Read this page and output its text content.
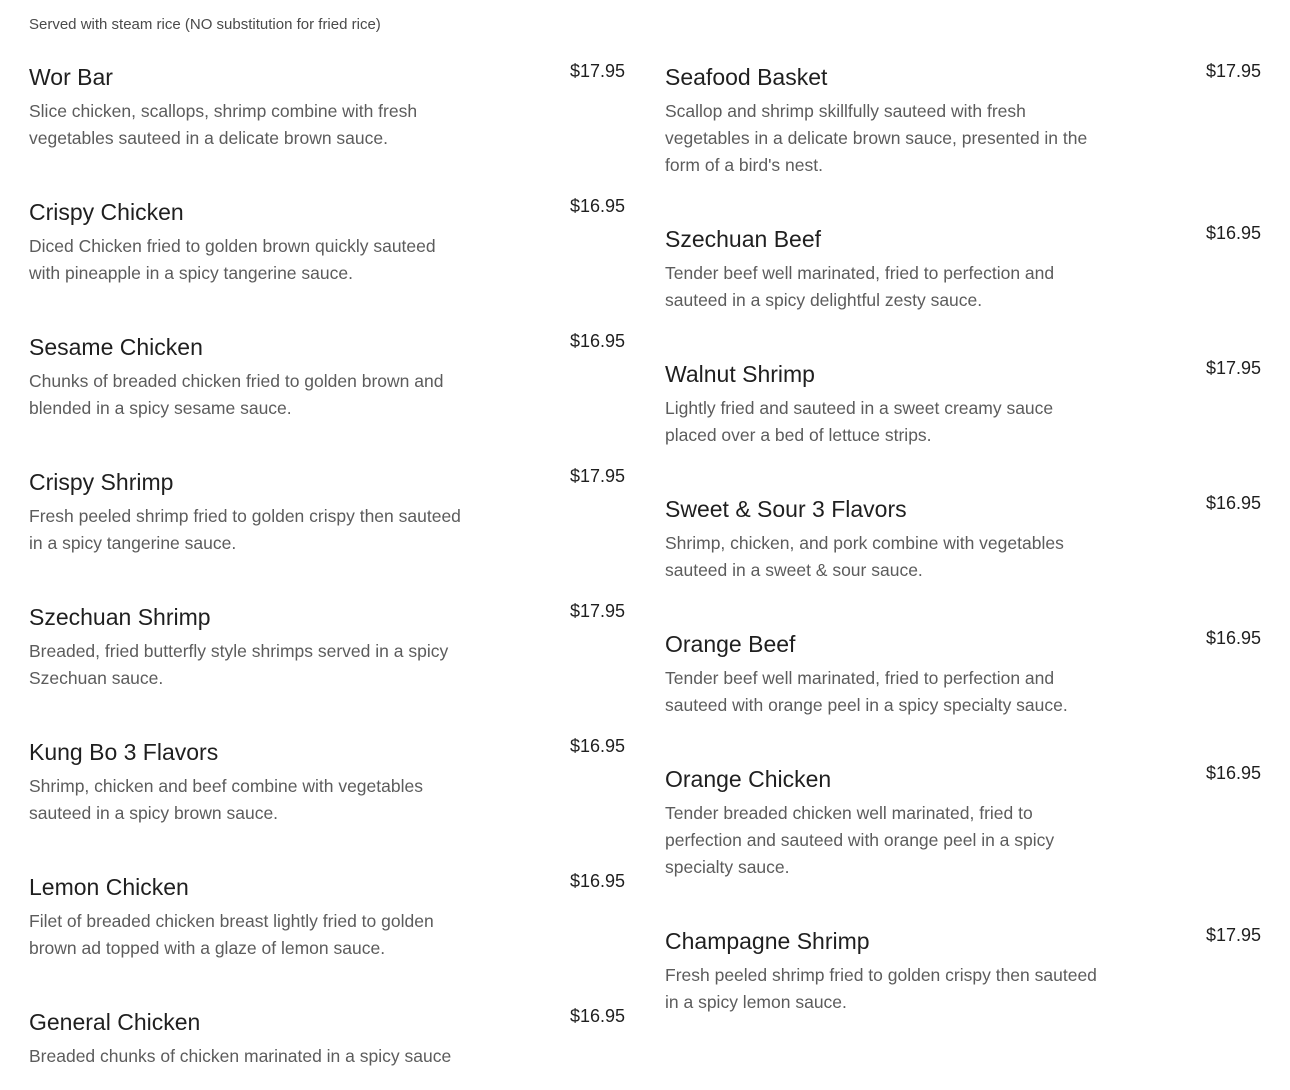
Served with steam rice (NO substitution for fried rice)
Wor Bar	$17.95

Slice chicken, scallops, shrimp combine with fresh vegetables sauteed in a delicate brown sauce.

Crispy Chicken	$16.95

Diced Chicken fried to golden brown quickly sauteed with pineapple in a spicy tangerine sauce.

Sesame Chicken	$16.95

Chunks of breaded chicken fried to golden brown and blended in a spicy sesame sauce.

Crispy Shrimp	$17.95

Fresh peeled shrimp fried to golden crispy then sauteed in a spicy tangerine sauce.

Szechuan Shrimp	$17.95

Breaded, fried butterfly style shrimps served in a spicy Szechuan sauce.

Kung Bo 3 Flavors	$16.95

Shrimp, chicken and beef combine with vegetables sauteed in a spicy brown sauce.

Lemon Chicken	$16.95

Filet of breaded chicken breast lightly fried to golden brown ad topped with a glaze of lemon sauce.

General Chicken	$16.95

Breaded chunks of chicken marinated in a spicy sauce

Seafood Basket	$17.95

Scallop and shrimp skillfully sauteed with fresh vegetables in a delicate brown sauce, presented in the form of a bird's nest.

Szechuan Beef	$16.95

Tender beef well marinated, fried to perfection and sauteed in a spicy delightful zesty sauce.

Walnut Shrimp	$17.95

Lightly fried and sauteed in a sweet creamy sauce placed over a bed of lettuce strips.

Sweet & Sour 3 Flavors	$16.95

Shrimp, chicken, and pork combine with vegetables sauteed in a sweet & sour sauce.

Orange Beef	$16.95

Tender beef well marinated, fried to perfection and sauteed with orange peel in a spicy specialty sauce.

Orange Chicken	$16.95

Tender breaded chicken well marinated, fried to perfection and sauteed with orange peel in a spicy specialty sauce.

Champagne Shrimp	$17.95

Fresh peeled shrimp fried to golden crispy then sauteed in a spicy lemon sauce.
